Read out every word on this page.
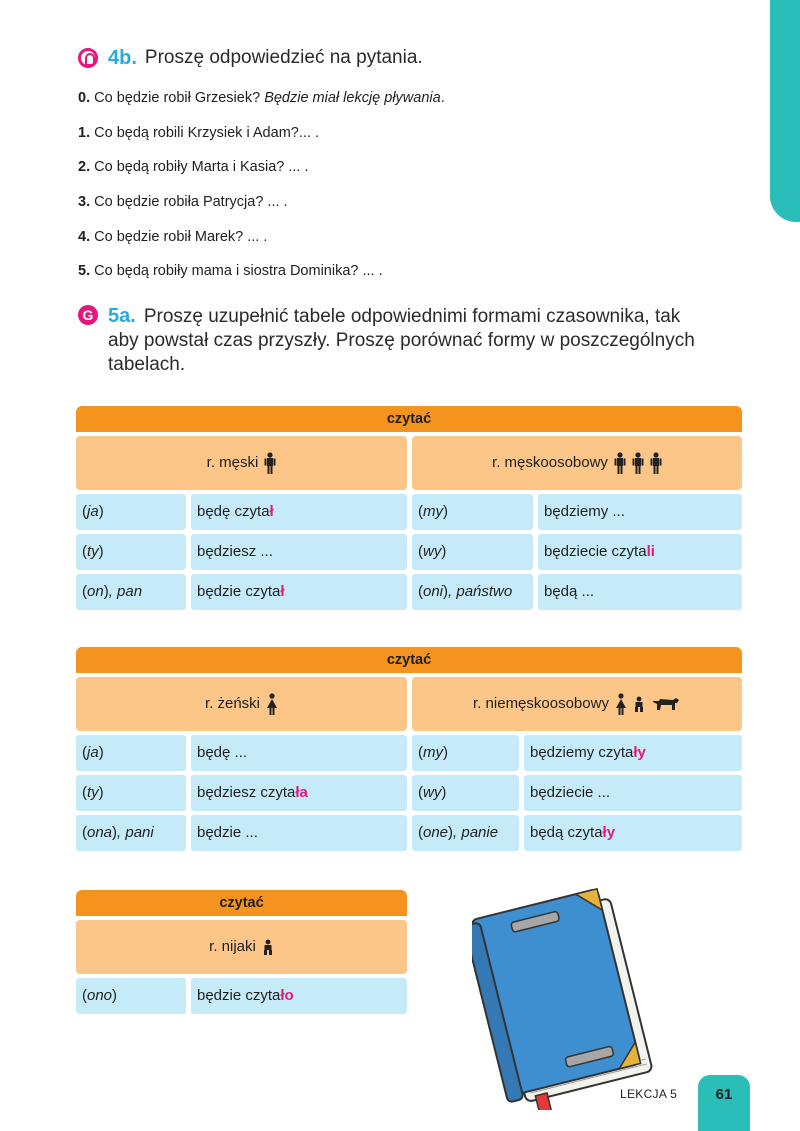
4b. Proszę odpowiedzieć na pytania.
0. Co będzie robił Grzesiek? Będzie miał lekcję pływania.
1. Co będą robili Krzysiek i Adam?... .
2. Co będą robiły Marta i Kasia? ... .
3. Co będzie robiła Patrycja? ... .
4. Co będzie robił Marek? ... .
5. Co będą robiły mama i siostra Dominika? ... .
G 5a. Proszę uzupełnić tabele odpowiednimi formami czasownika, tak
aby powstał czas przyszły. Proszę porównać formy w poszczególnych
tabelach.
czytać
r. męski	r. męskoosobowy
(ja)	będę czytał	(my)	będziemy ...
(ty)	będziesz ...	(wy)	będziecie czytali
(on), pan	będzie czytał	(oni), państwo	będą ...
czytać
r. żeński	r. niemęskoosobowy
(ja)	będę ...	(my)	będziemy czytały
(ty)	będziesz czytała	(wy)	będziecie ...
(ona), pani	będzie ...	(one), panie	będą czytały
czytać
r. nijaki
(ono)	będzie czytało
LEKCJA 5	61
